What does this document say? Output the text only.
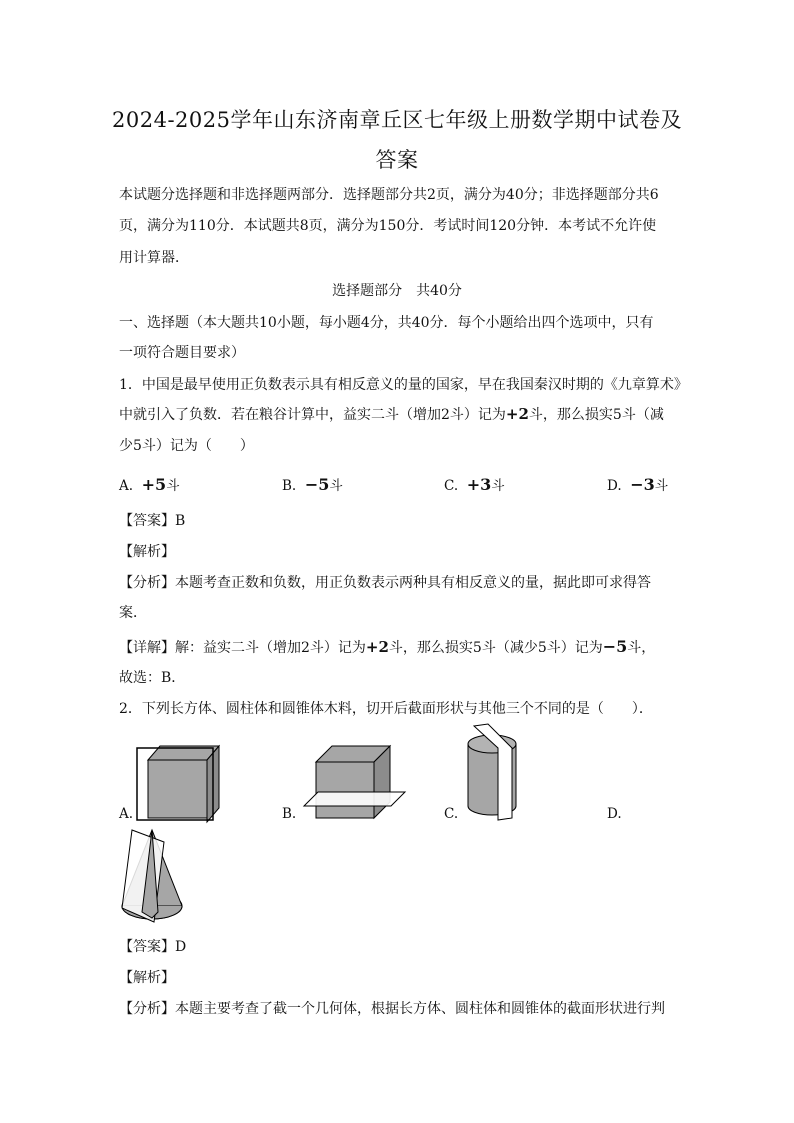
2024-2025学年山东济南章丘区七年级上册数学期中试卷及
答案
本试题分选择题和非选择题两部分．选择题部分共2页，满分为40分；非选择题部分共6
页，满分为110分．本试题共8页，满分为150分．考试时间120分钟．本考试不允许使
用计算器．
选择题部分　共40分
一、选择题（本大题共10小题，每小题4分，共40分．每个小题给出四个选项中，只有
一项符合题目要求）
1．中国是最早使用正负数表示具有相反意义的量的国家，早在我国秦汉时期的《九章算术》
中就引入了负数．若在粮谷计算中，益实二斗（增加2斗）记为+2斗，那么损实5斗（减
少5斗）记为（　　）
A. +5斗	B. −5斗	C. +3斗	D. −3斗
【答案】B
【解析】
【分析】本题考查正数和负数，用正负数表示两种具有相反意义的量，据此即可求得答
案．
【详解】解：益实二斗（增加2斗）记为+2斗，那么损实5斗（减少5斗）记为−5斗，
故选：B．
2．下列长方体、圆柱体和圆锥体木料，切开后截面形状与其他三个不同的是（　　）．
A.	B.	C.	D.
【答案】D
【解析】
【分析】本题主要考查了截一个几何体，根据长方体、圆柱体和圆锥体的截面形状进行判
